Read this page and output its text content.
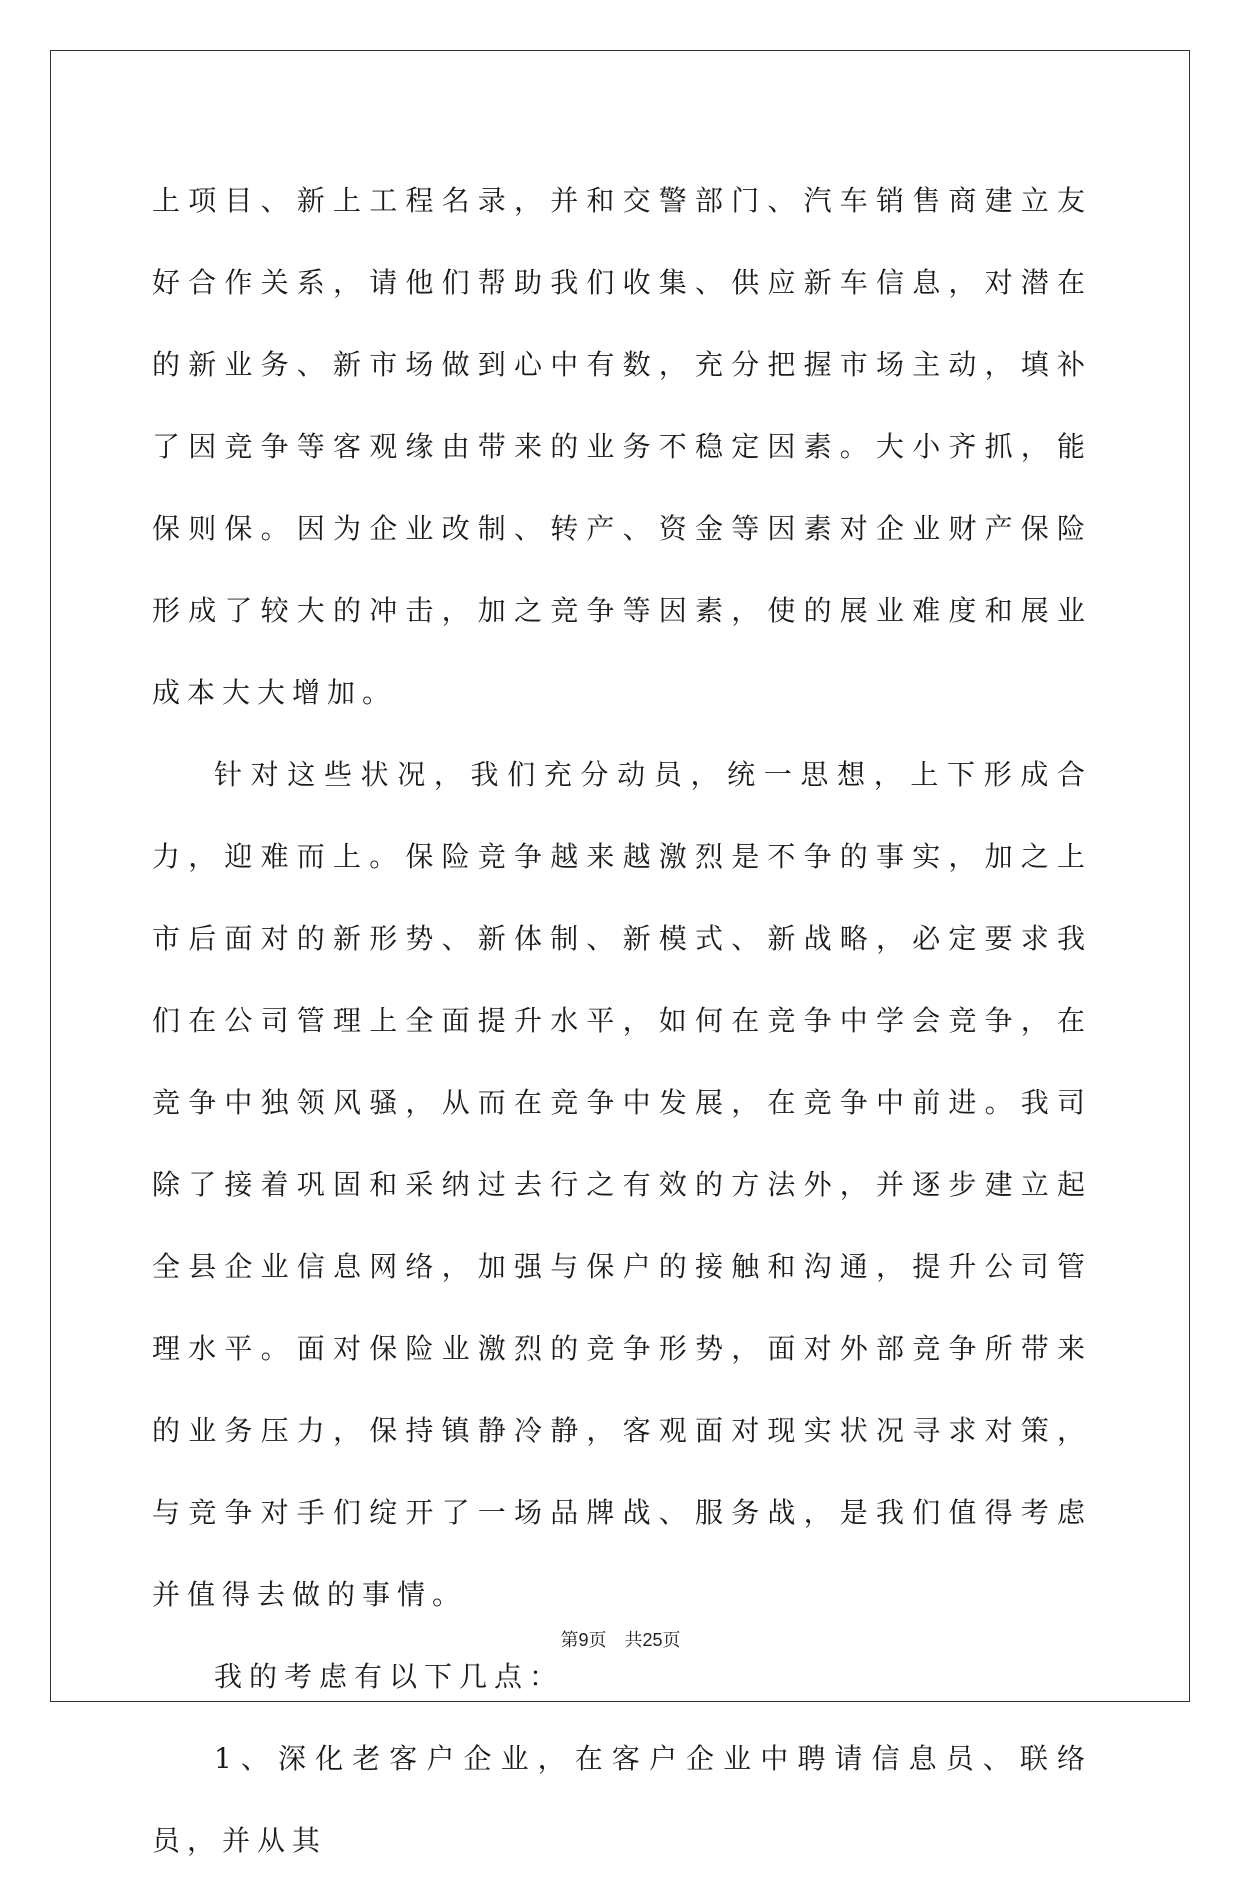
上项目、新上工程名录，并和交警部门、汽车销售商建立友好合作关系，请他们帮助我们收集、供应新车信息，对潜在的新业务、新市场做到心中有数，充分把握市场主动，填补了因竞争等客观缘由带来的业务不稳定因素。大小齐抓，能保则保。因为企业改制、转产、资金等因素对企业财产保险形成了较大的冲击，加之竞争等因素，使的展业难度和展业成本大大增加。

针对这些状况，我们充分动员，统一思想，上下形成合力，迎难而上。保险竞争越来越激烈是不争的事实，加之上市后面对的新形势、新体制、新模式、新战略，必定要求我们在公司管理上全面提升水平，如何在竞争中学会竞争，在竞争中独领风骚，从而在竞争中发展，在竞争中前进。我司除了接着巩固和采纳过去行之有效的方法外，并逐步建立起全县企业信息网络，加强与保户的接触和沟通，提升公司管理水平。面对保险业激烈的竞争形势，面对外部竞争所带来的业务压力，保持镇静冷静，客观面对现实状况寻求对策，与竞争对手们绽开了一场品牌战、服务战，是我们值得考虑并值得去做的事情。

我的考虑有以下几点：

1、深化老客户企业，在客户企业中聘请信息员、联络员，并从其

第9页 共25页
